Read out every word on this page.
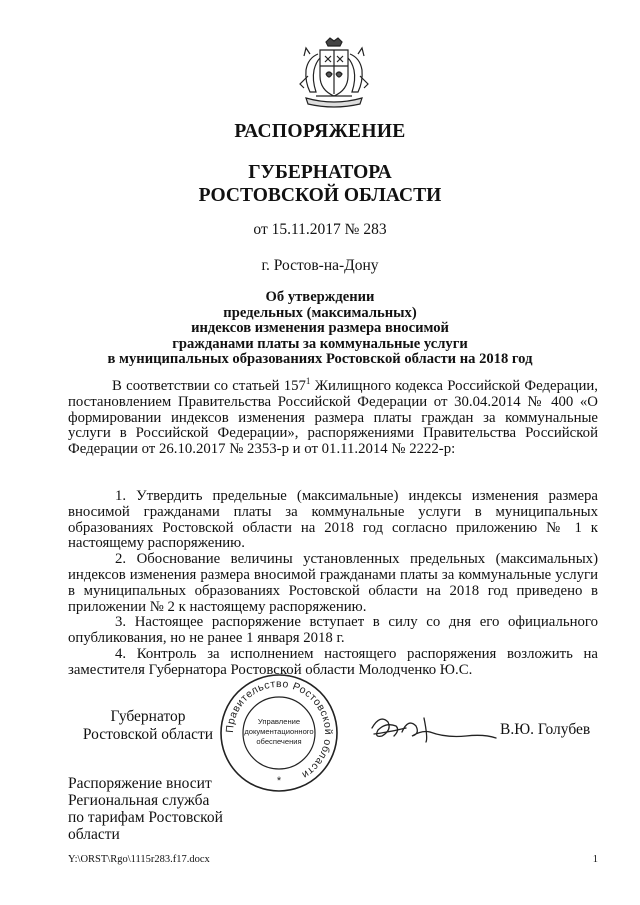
РАСПОРЯЖЕНИЕ
ГУБЕРНАТОРА
РОСТОВСКОЙ ОБЛАСТИ
от 15.11.2017 № 283
г. Ростов-на-Дону
Об утверждении
предельных (максимальных)
индексов изменения размера вносимой
гражданами платы за коммунальные услуги
в муниципальных образованиях Ростовской области на 2018 год

В соответствии со статьей $157^1$ Жилищного кодекса Российской Федерации, постановлением Правительства Российской Федерации от 30.04.2014 № 400 «О формировании индексов изменения размера платы граждан за коммунальные услуги в Российской Федерации», распоряжениями Правительства Российской Федерации от 26.10.2017 № 2353-р и от 01.11.2014 № 2222-р:

1. Утвердить предельные (максимальные) индексы изменения размера вносимой гражданами платы за коммунальные услуги в муниципальных образованиях Ростовской области на 2018 год согласно приложению № 1 к настоящему распоряжению.

2. Обоснование величины установленных предельных (максимальных) индексов изменения размера вносимой гражданами платы за коммунальные услуги в муниципальных образованиях Ростовской области на 2018 год приведено в приложении № 2 к настоящему распоряжению.

3. Настоящее распоряжение вступает в силу со дня его официального опубликования, но не ранее 1 января 2018 г.

4. Контроль за исполнением настоящего распоряжения возложить на заместителя Губернатора Ростовской области Молодченко Ю.С.

Губернатор
Ростовской области	Правительство Ростовской области
Управление
документационного
обеспечения
*
В.Ю. Голубев
Распоряжение вносит
Региональная служба
по тарифам Ростовской
области
Y:\ORST\Rgo\1115r283.f17.docx	1
